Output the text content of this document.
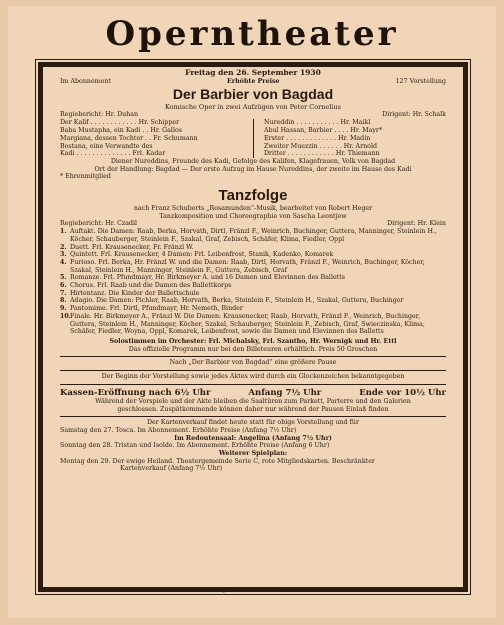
Operntheater
Freitag den 26. September 1930
Im Abonnement	Erhöhte Preise	127 Vorstellung
Der Barbier von Bagdad
Komische Oper in zwei Aufzügen von Peter Cornelius
Regiebericht: Hr. Duhan	Dirigent: Hr. Schalk
Der Kalif . . . . . . . . . . . . Hr. Schipper
Baba Mustapha, ein Kadi . . Hr. Gallos
Margiana, dessen Tochter . . Fr. Schumann
Bostana, eine Verwandte des
Kadi . . . . . . . . . . . . . . Frl. Kadar
Nureddin . . . . . . . . . . . Hr. Maikl
Abul Hassan, Barbier . . . . Hr. Mayr*
Erster . . . . . . . . . . . . . Hr. Madin
Zweiter Muezzin . . . . . . Hr. Arnold
Dritter . . . . . . . . . . . . Hr. Thiemann
Diener Nureddins, Freunde des Kadi, Gefolge des Kalifen, Klagefrauen, Volk von Bagdad
Ort der Handlung: Bagdad — Der erste Aufzug im Hause Nureddins, der zweite im Hause des Kadi
* Ehrenmitglied
Tanzfolge
nach Franz Schuberts „Rosamunden“-Musik, bearbeitet von Robert Heger
Tanzkomposition und Choreographie von Sascha Leontjew
Regiebericht: Hr. Czadil	Dirigent: Hr. Klein
1. Auftakt. Die Damen: Raab, Berka, Horvath, Dirtl, Fränzl F., Weinrich, Buchinger, Guttera, Manninger, Steinlein H., Köcher, Schauberger, Steinlein F., Szakal, Graf, Zebisch, Schäfer, Klima, Fiedler, Oppl
2. Duett. Frl. Krausenecker, Fr. Fränzl W.
3. Quintett. Frl. Krausenecker, 4 Damen: Frl. Leibenfrost, Stanik, Kadenko, Komarek
4. Furioso. Frl. Berka, Hr. Fränzl W. und die Damen: Raab, Dirtl, Horvath, Fränzl F., Weinrich, Buchinger, Köcher, Szakal, Steinlein H., Manninger, Steinlein F., Guttera, Zebisch, Graf
5. Romanze. Frl. Pfundmayr, Hr. Birkmeyer A. und 16 Damen und Elevinnen des Balletts
6. Chorus. Frl. Raab und die Damen des Ballettkorps
7. Hirtentanz. Die Kinder der Ballettschule
8. Adagio. Die Damen: Pichler, Raab, Horvath, Berka, Steinlein F., Steinlein H., Szakal, Guttera, Buchinger
9. Pantomime. Frl. Dirtl, Pfundmayr, Hr. Nemeth, Binder
10. Finale. Hr. Birkmeyer A., Fränzl W. Die Damen: Krausenecker, Raab, Horvath, Fränzl F., Weinrich, Buchinger, Guttera, Steinlein H., Manninger, Köcher, Szakal, Schauberger, Steinlein F., Zebisch, Graf, Swieczinska, Klima, Schäfer, Fiedler, Woyna, Oppl, Komarek, Leibenfrost, sowie die Damen und Elevinnen des Balletts
Solostimmen im Orchester: Frl. Michalsky, Frl. Szantho, Hr. Wernigk und Hr. Ettl
Das offizielle Programm nur bei den Billeteuren erhältlich. Preis 50 Groschen
Nach „Der Barbier von Bagdad“ eine größere Pause
Der Beginn der Vorstellung sowie jedes Aktes wird durch ein Glockenzeichen bekanntgegeben
Kassen-Eröffnung nach 6½ Uhr	Anfang 7½ Uhr	Ende vor 10½ Uhr
Während der Vorspiele und der Akte bleiben die Saaltüren zum Parkett, Parterre und den Galerien
geschlossen. Zuspätkommende können daher nur während der Pausen Einlaß finden
Der Kartenverkauf findet heute statt für obige Vorstellung und für
Samstag den 27. Tosca. Im Abonnement. Erhöhte Preise (Anfang 7½ Uhr)
Im Redoutensaal: Angelina (Anfang 7½ Uhr)
Sonntag den 28. Tristan und Isolde. Im Abonnement. Erhöhte Preise (Anfang 6 Uhr)
Weiterer Spielplan:
Montag den 29. Der ewige Heiland. Theatergemeinde Serie C, rote Mitgliedskarten. Beschränkter
Kartenverkauf (Anfang 7½ Uhr)
„Elbemühl“. Wien IX.
